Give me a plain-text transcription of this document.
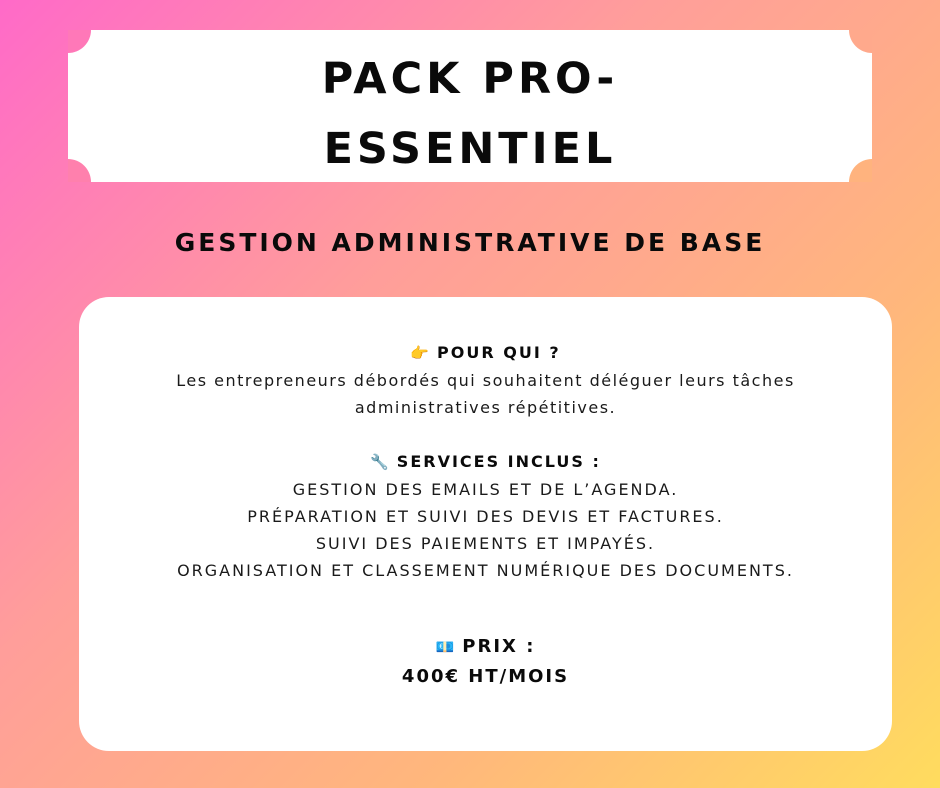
PACK PRO-
ESSENTIEL
GESTION ADMINISTRATIVE DE BASE
👉 POUR QUI ?
Les entrepreneurs débordés qui souhaitent déléguer leurs tâches administratives répétitives.
🔧 SERVICES INCLUS :
GESTION DES EMAILS ET DE L’AGENDA.
PRÉPARATION ET SUIVI DES DEVIS ET FACTURES.
SUIVI DES PAIEMENTS ET IMPAYÉS.
ORGANISATION ET CLASSEMENT NUMÉRIQUE DES DOCUMENTS.
💶 PRIX :
400€ HT/MOIS
